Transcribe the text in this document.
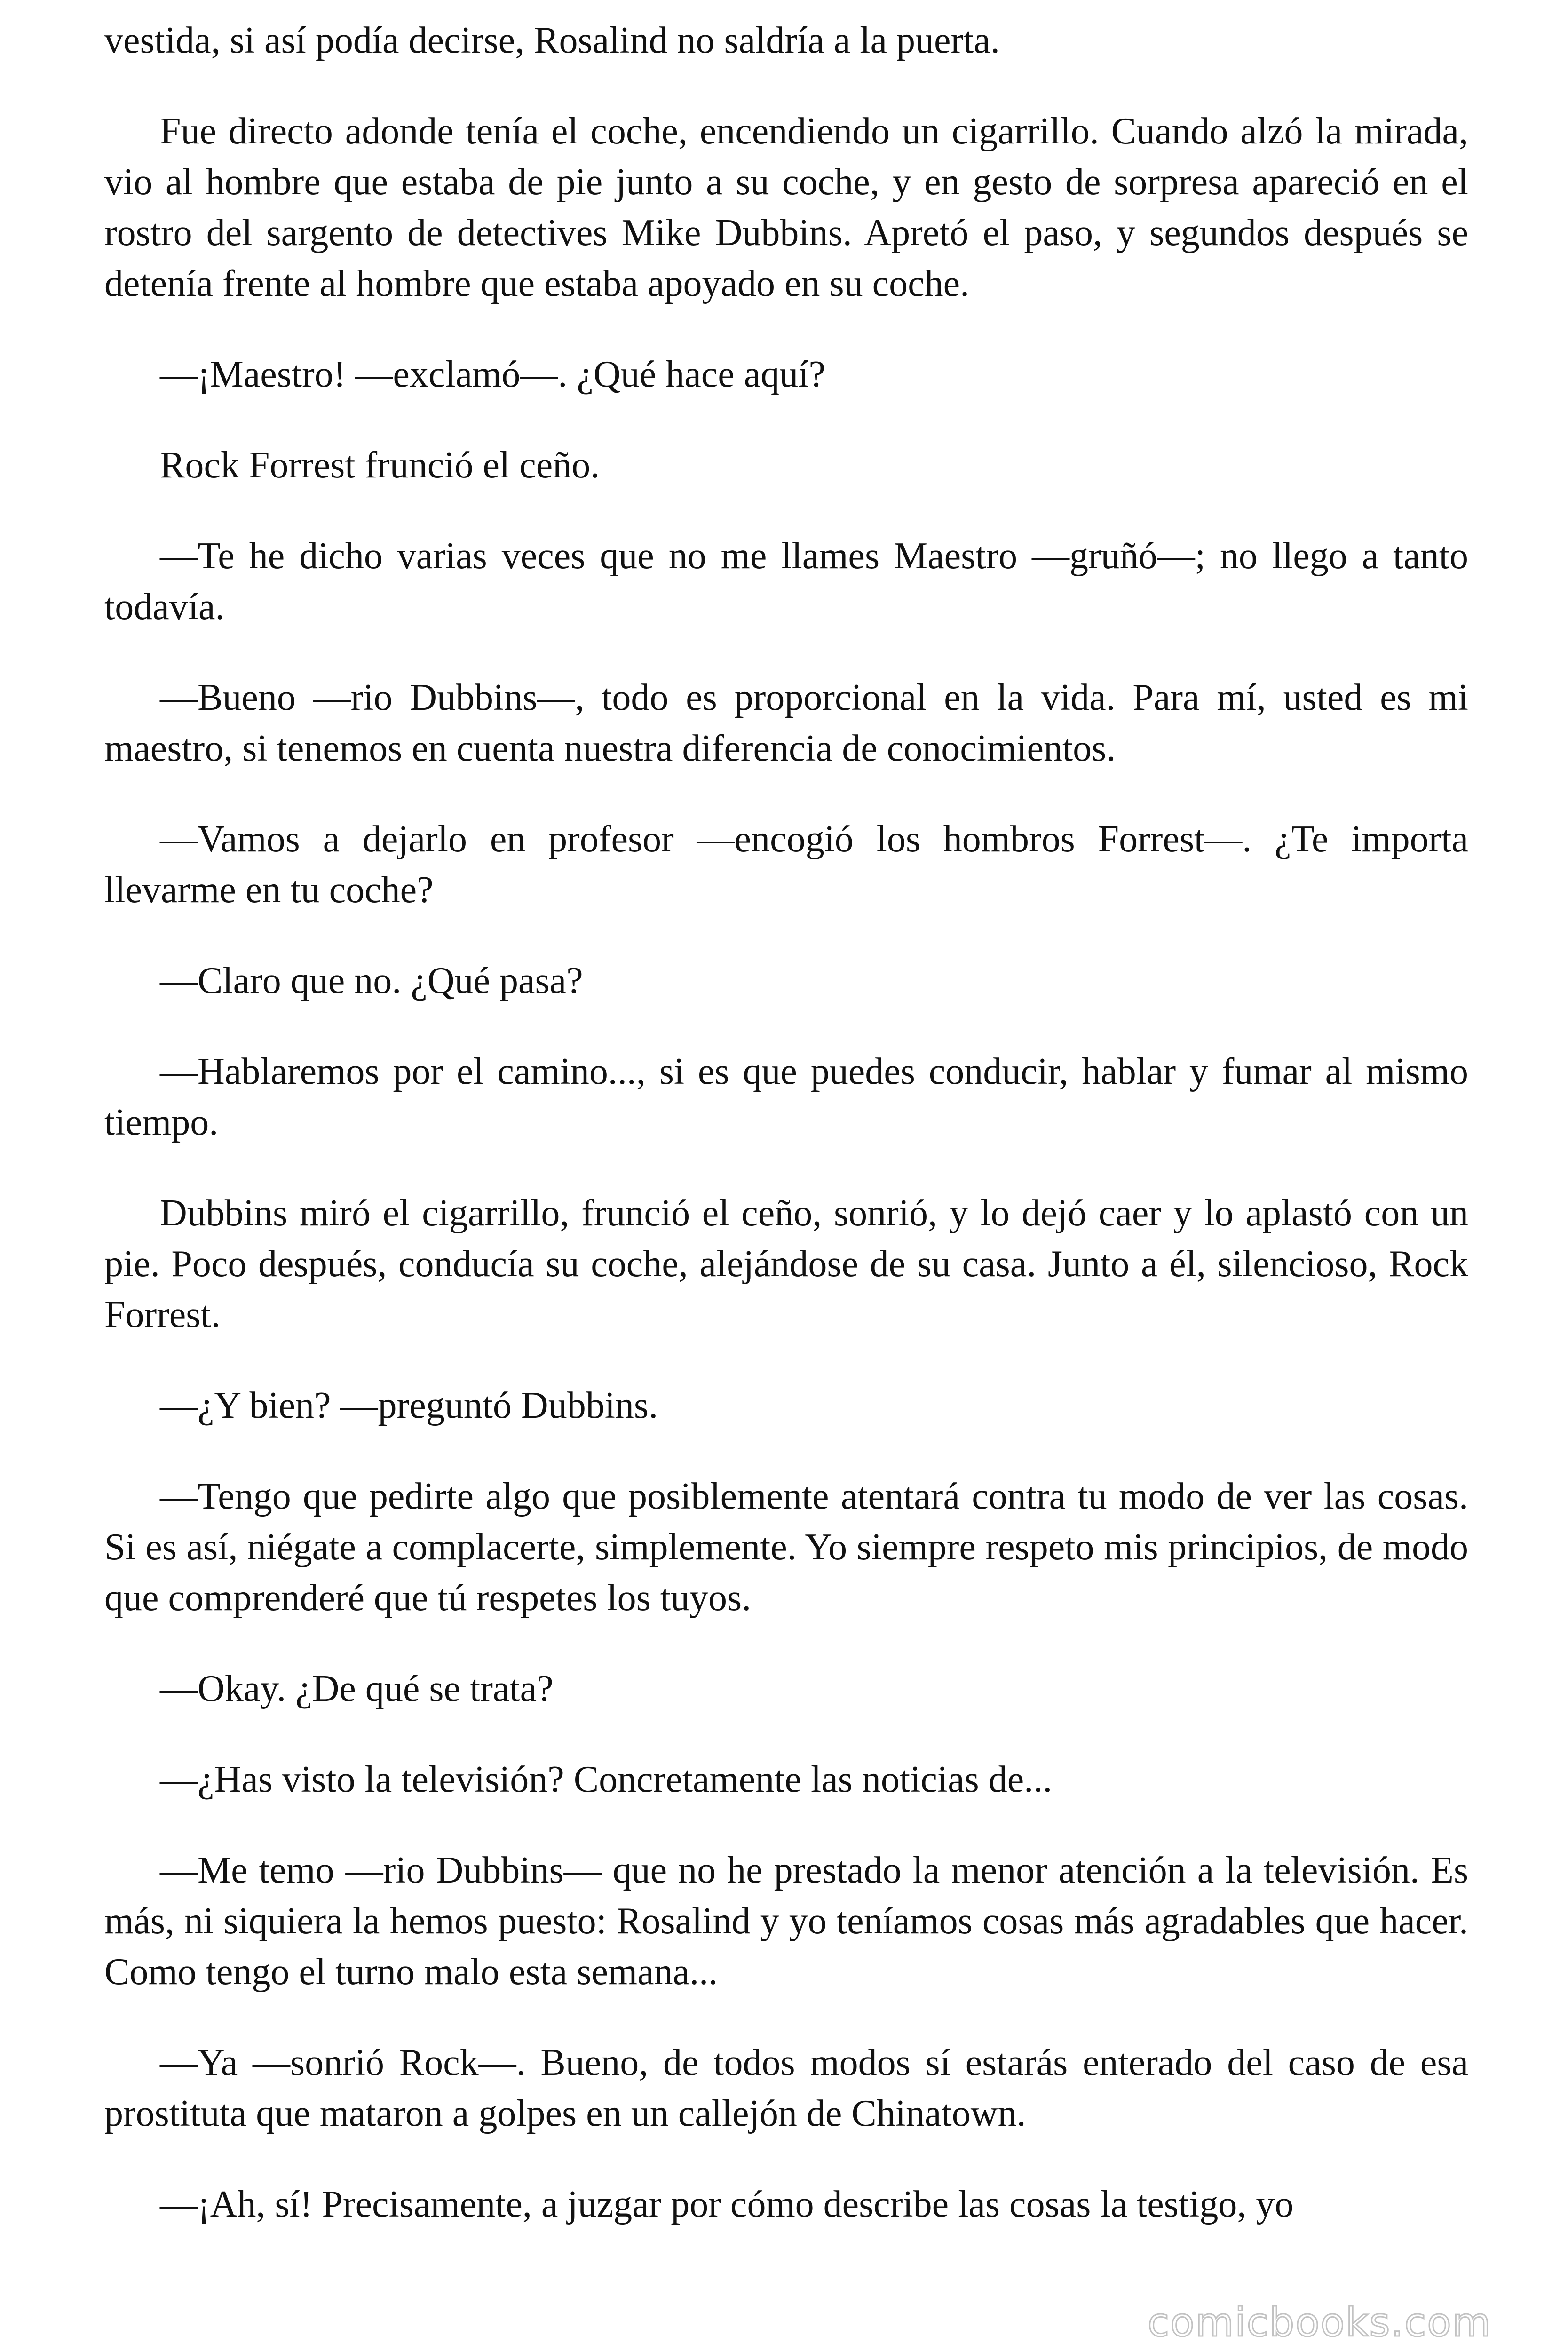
vestida, si así podía decirse, Rosalind no saldría a la puerta.

Fue directo adonde tenía el coche, encendiendo un cigarrillo. Cuando alzó la mirada, vio al hombre que estaba de pie junto a su coche, y en gesto de sorpresa apareció en el rostro del sargento de detectives Mike Dubbins. Apretó el paso, y segundos después se detenía frente al hombre que estaba apoyado en su coche.

—¡Maestro! —exclamó—. ¿Qué hace aquí?

Rock Forrest frunció el ceño.

—Te he dicho varias veces que no me llames Maestro —gruñó—; no llego a tanto todavía.

—Bueno —rio Dubbins—, todo es proporcional en la vida. Para mí, usted es mi maestro, si tenemos en cuenta nuestra diferencia de conocimientos.

—Vamos a dejarlo en profesor —encogió los hombros Forrest—. ¿Te importa llevarme en tu coche?

—Claro que no. ¿Qué pasa?

—Hablaremos por el camino..., si es que puedes conducir, hablar y fumar al mismo tiempo.

Dubbins miró el cigarrillo, frunció el ceño, sonrió, y lo dejó caer y lo aplastó con un pie. Poco después, conducía su coche, alejándose de su casa. Junto a él, silencioso, Rock Forrest.

—¿Y bien? —preguntó Dubbins.

—Tengo que pedirte algo que posiblemente atentará contra tu modo de ver las cosas. Si es así, niégate a complacerte, simplemente. Yo siempre respeto mis principios, de modo que comprenderé que tú respetes los tuyos.

—Okay. ¿De qué se trata?

—¿Has visto la televisión? Concretamente las noticias de...

—Me temo —rio Dubbins— que no he prestado la menor atención a la televisión. Es más, ni siquiera la hemos puesto: Rosalind y yo teníamos cosas más agradables que hacer. Como tengo el turno malo esta semana...

—Ya —sonrió Rock—. Bueno, de todos modos sí estarás enterado del caso de esa prostituta que mataron a golpes en un callejón de Chinatown.

—¡Ah, sí! Precisamente, a juzgar por cómo describe las cosas la testigo, yo

comicbooks.com
